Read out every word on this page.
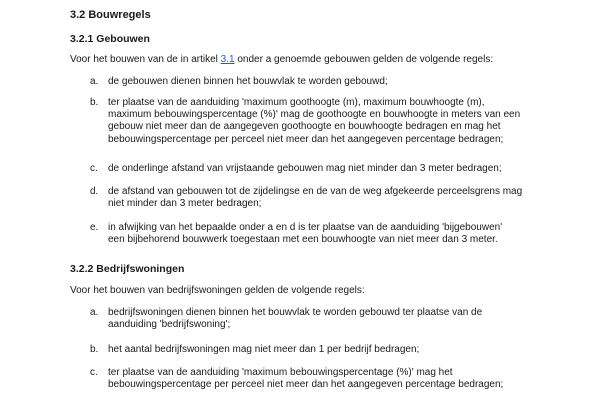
3.2 Bouwregels
3.2.1 Gebouwen
Voor het bouwen van de in artikel 3.1 onder a genoemde gebouwen gelden de volgende regels:
a. de gebouwen dienen binnen het bouwvlak te worden gebouwd;
b. ter plaatse van de aanduiding 'maximum goothoogte (m), maximum bouwhoogte (m),
maximum bebouwingspercentage (%)' mag de goothoogte en bouwhoogte in meters van een
gebouw niet meer dan de aangegeven goothoogte en bouwhoogte bedragen en mag het
bebouwingspercentage per perceel niet meer dan het aangegeven percentage bedragen;
c. de onderlinge afstand van vrijstaande gebouwen mag niet minder dan 3 meter bedragen;
d. de afstand van gebouwen tot de zijdelingse en de van de weg afgekeerde perceelsgrens mag
niet minder dan 3 meter bedragen;
e. in afwijking van het bepaalde onder a en d is ter plaatse van de aanduiding 'bijgebouwen'
een bijbehorend bouwwerk toegestaan met een bouwhoogte van niet meer dan 3 meter.
3.2.2 Bedrijfswoningen
Voor het bouwen van bedrijfswoningen gelden de volgende regels:
a. bedrijfswoningen dienen binnen het bouwvlak te worden gebouwd ter plaatse van de
aanduiding 'bedrijfswoning';
b. het aantal bedrijfswoningen mag niet meer dan 1 per bedrijf bedragen;
c. ter plaatse van de aanduiding 'maximum bebouwingspercentage (%)' mag het
bebouwingspercentage per perceel niet meer dan het aangegeven percentage bedragen;
